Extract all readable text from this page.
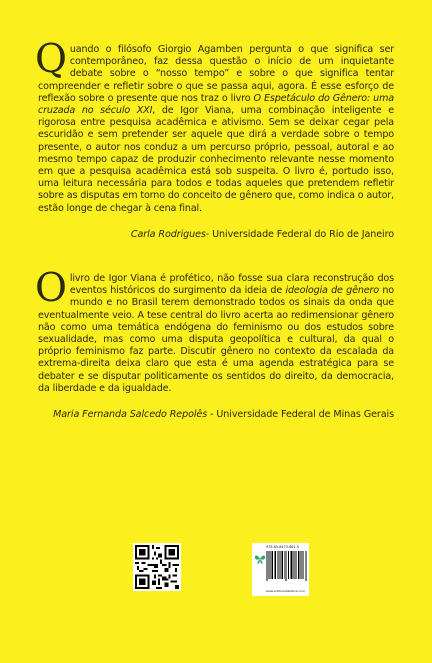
Quando o filósofo Giorgio Agamben pergunta o que significa ser contemporâneo, faz dessa questão o início de um inquietante debate sobre o “nosso tempo” e sobre o que significa tentar compreender e refletir sobre o que se passa aqui, agora. É esse esforço de reflexão sobre o presente que nos traz o livro O Espetáculo do Gênero: uma cruzada no século XXI, de Igor Viana, uma combinação inteligente e rigorosa entre pesquisa acadêmica e ativismo. Sem se deixar cegar pela escuridão e sem pretender ser aquele que dirá a verdade sobre o tempo presente, o autor nos conduz a um percurso próprio, pessoal, autoral e ao mesmo tempo capaz de produzir conhecimento relevante nesse momento em que a pesquisa acadêmica está sob suspeita. O livro é, portudo isso, uma leitura necessária para todos e todas aqueles que pretendem refletir sobre as disputas em torno do conceito de gênero que, como indica o autor, estão longe de chegar à cena final.

Carla Rodrigues- Universidade Federal do Rio de Janeiro

O livro de Igor Viana é profético, não fosse sua clara reconstrução dos eventos históricos do surgimento da ideia de ideologia de gênero no mundo e no Brasil terem demonstrado todos os sinais da onda que eventualmente veio. A tese central do livro acerta ao redimensionar gênero não como uma temática endógena do feminismo ou dos estudos sobre sexualidade, mas como uma disputa geopolítica e cultural, da qual o próprio feminismo faz parte. Discutir gênero no contexto da escalada da extrema-direita deixa claro que esta é uma agenda estratégica para se debater e se disputar politicamente os sentidos do direito, da democracia, da liberdade e da igualdade.

Maria Fernanda Salcedo Repolês - Universidade Federal de Minas Gerais
978-65-8475-661-0
www.editoradialetica.com
